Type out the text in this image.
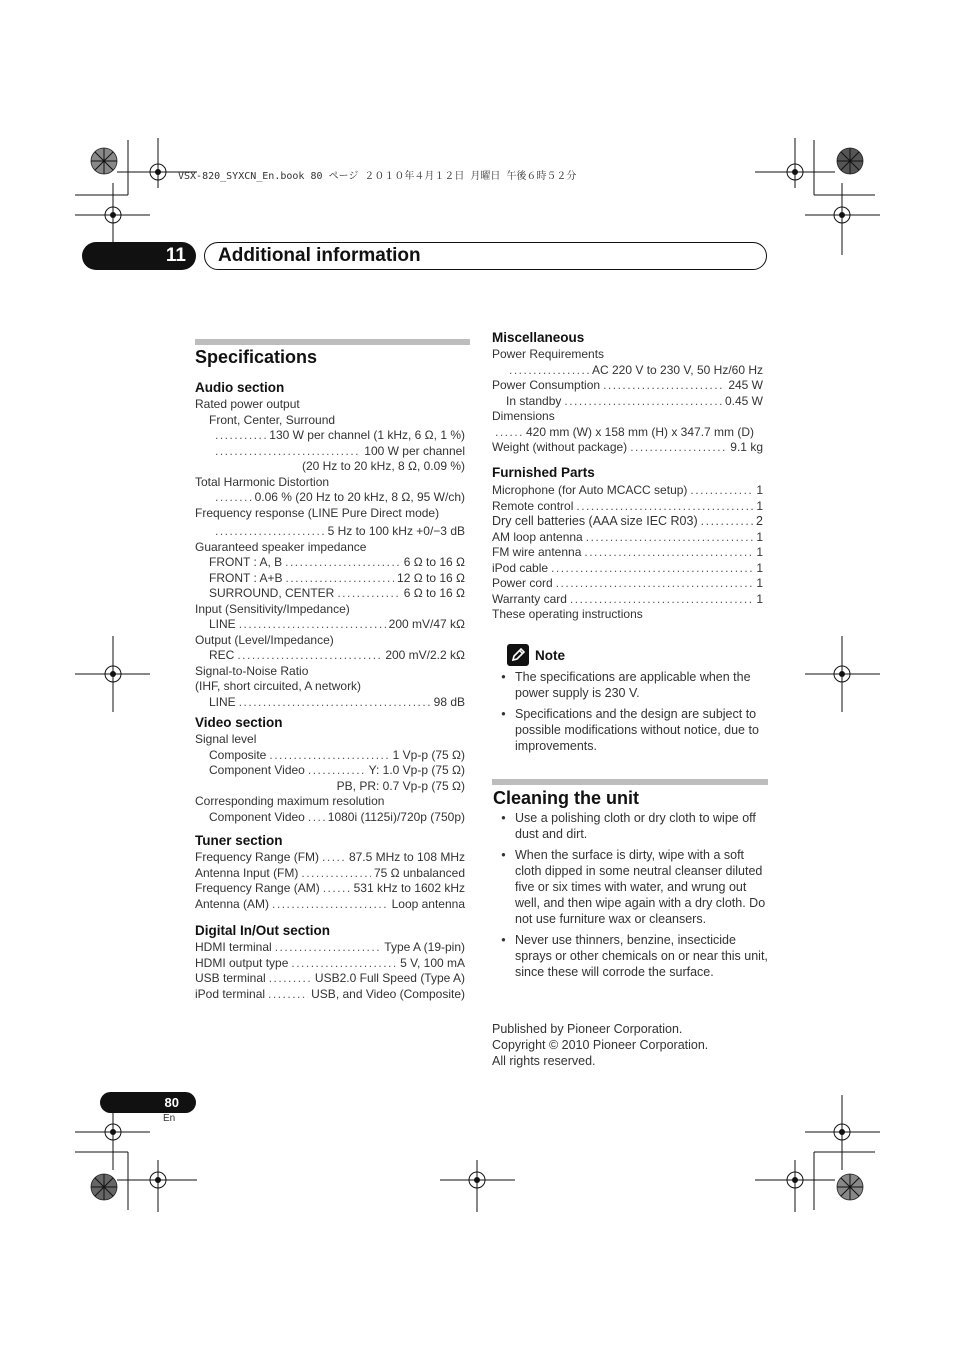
VSX-820_SYXCN_En.book 80 ページ ２０１０年４月１２日 月曜日 午後６時５２分
11	Additional information
Specifications
Audio section
Rated power output
Front, Center, Surround
.....
130 W per channel (1 kHz, 6 Ω, 1 %)
.....
100 W per channel
(20 Hz to 20 kHz, 8 Ω, 0.09 %)
Total Harmonic Distortion
.....
0.06 % (20 Hz to 20 kHz, 8 Ω, 95 W/ch)
Frequency response (LINE Pure Direct mode)
.....
5 Hz to 100 kHz +0/−3 dB
Guaranteed speaker impedance
FRONT : A, B .....	6 Ω to 16 Ω
FRONT : A+B .....	12 Ω to 16 Ω
SURROUND, CENTER .....	6 Ω to 16 Ω
Input (Sensitivity/Impedance)
LINE .....	200 mV/47 kΩ
Output (Level/Impedance)
REC .....	200 mV/2.2 kΩ
Signal-to-Noise Ratio
(IHF, short circuited, A network)
LINE .....	98 dB
Video section
Signal level
Composite .....	1 Vp-p (75 Ω)
Component Video .....	Y: 1.0 Vp-p (75 Ω)
PB, PR: 0.7 Vp-p (75 Ω)
Corresponding maximum resolution
Component Video ..... 1080i (1125i)/720p (750p)
Tuner section
Frequency Range (FM) ..... 87.5 MHz to 108 MHz
Antenna Input (FM) .....	75 Ω unbalanced
Frequency Range (AM) .....	531 kHz to 1602 kHz
Antenna (AM) .....	Loop antenna
Digital In/Out section
HDMI terminal .....	Type A (19-pin)
HDMI output type .....	5 V, 100 mA
USB terminal .....	USB2.0 Full Speed (Type A)
iPod terminal .....	USB, and Video (Composite)
Miscellaneous
Power Requirements
.....
AC 220 V to 230 V, 50 Hz/60 Hz
Power Consumption .....	245 W
In standby .....	0.45 W
Dimensions
.....
420 mm (W) x 158 mm (H) x 347.7 mm (D)
Weight (without package) .....	9.1 kg
Furnished Parts
Microphone (for Auto MCACC setup) .....	1
Remote control .....	1
Dry cell batteries (AAA size IEC R03) .....	2
AM loop antenna .....	1
FM wire antenna .....	1
iPod cable .....	1
Power cord .....	1
Warranty card .....	1
These operating instructions
Note
• The specifications are applicable when the power supply is 230 V.
• Specifications and the design are subject to possible modifications without notice, due to improvements.
Cleaning the unit
• Use a polishing cloth or dry cloth to wipe off dust and dirt.
• When the surface is dirty, wipe with a soft cloth dipped in some neutral cleanser diluted five or six times with water, and wrung out well, and then wipe again with a dry cloth. Do not use furniture wax or cleansers.
• Never use thinners, benzine, insecticide sprays or other chemicals on or near this unit, since these will corrode the surface.
Published by Pioneer Corporation.
Copyright © 2010 Pioneer Corporation.
All rights reserved.
80
En
